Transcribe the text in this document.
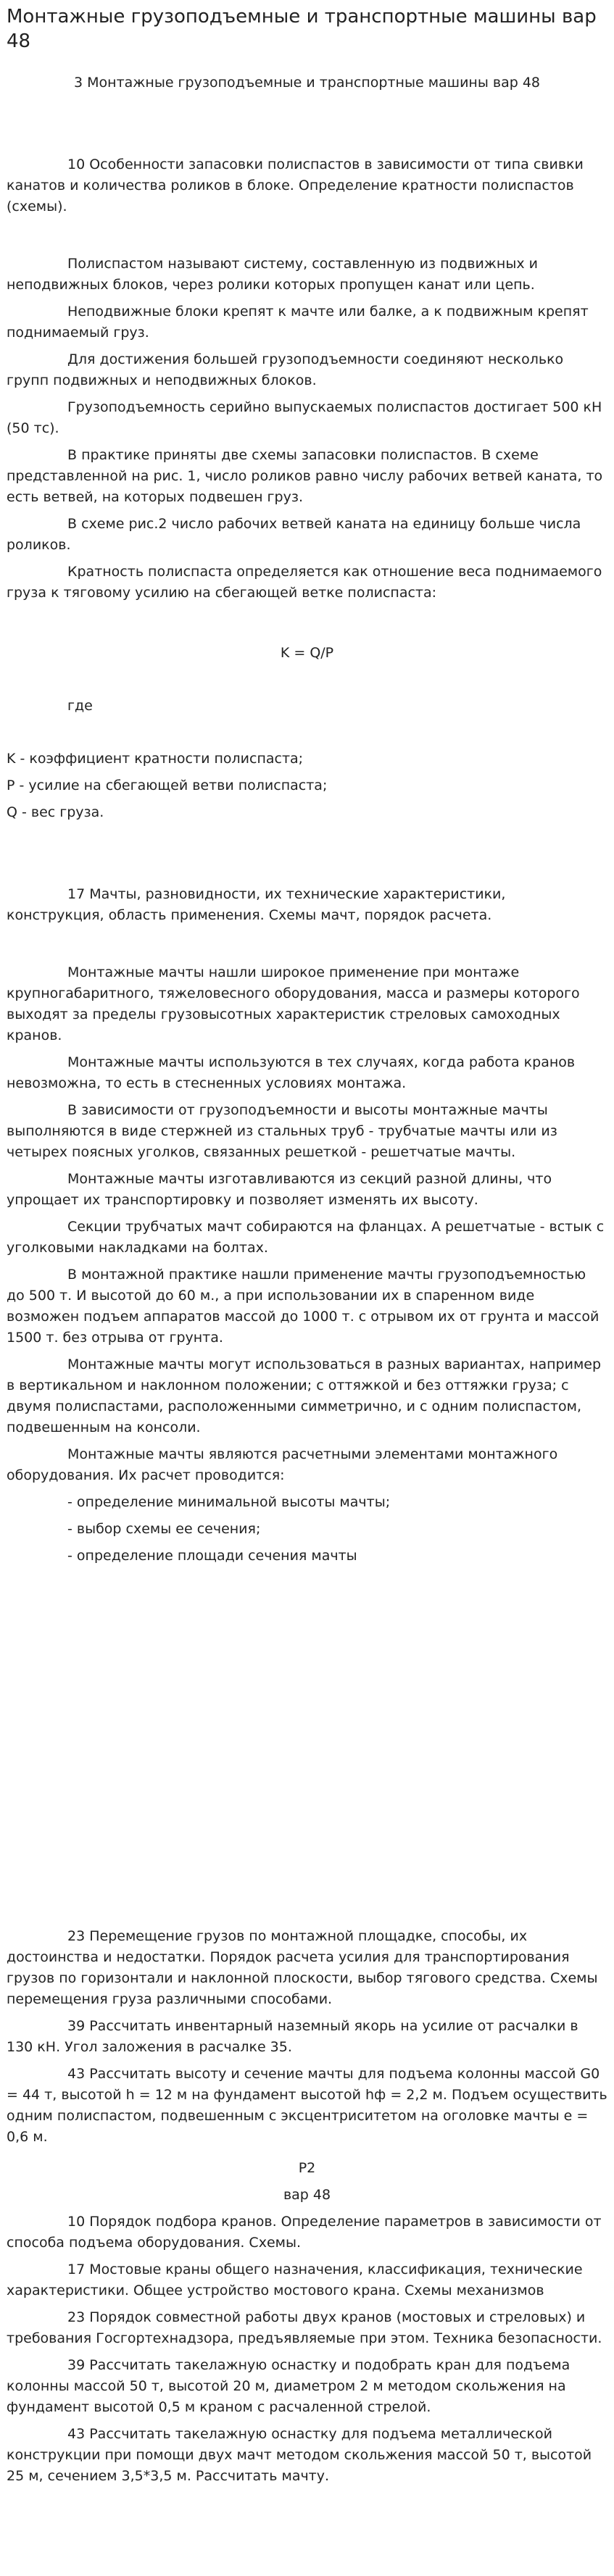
Монтажные грузоподъемные и транспортные машины вар 48

3 Монтажные грузоподъемные и транспортные машины вар 48

10 Особенности запасовки полиспастов в зависимости от типа свивки канатов и количества роликов в блоке. Определение кратности полиспастов (схемы).

Полиспастом называют систему, составленную из подвижных и неподвижных блоков, через ролики которых пропущен канат или цепь.

Неподвижные блоки крепят к мачте или балке, а к подвижным крепят поднимаемый груз.

Для достижения большей грузоподъемности соединяют несколько групп подвижных и неподвижных блоков.

Грузоподъемность серийно выпускаемых полиспастов достигает 500 кН (50 тс).

В практике приняты две схемы запасовки полиспастов. В схеме представленной на рис. 1, число роликов равно числу рабочих ветвей каната, то есть ветвей, на которых подвешен груз.

В схеме рис.2 число рабочих ветвей каната на единицу больше числа роликов.

Кратность полиспаста определяется как отношение веса поднимаемого груза к тяговому усилию на сбегающей ветке полиспаста:

K = Q/P

где

K - коэффициент кратности полиспаста;

P - усилие на сбегающей ветви полиспаста;

Q - вес груза.

17 Мачты, разновидности, их технические характеристики, конструкция, область применения. Схемы мачт, порядок расчета.

Монтажные мачты нашли широкое применение при монтаже крупногабаритного, тяжеловесного оборудования, масса и размеры которого выходят за пределы грузовысотных характеристик стреловых самоходных кранов.

Монтажные мачты используются в тех случаях, когда работа кранов невозможна, то есть в стесненных условиях монтажа.

В зависимости от грузоподъемности и высоты монтажные мачты выполняются в виде стержней из стальных труб - трубчатые мачты или из четырех поясных уголков, связанных решеткой - решетчатые мачты.

Монтажные мачты изготавливаются из секций разной длины, что упрощает их транспортировку и позволяет изменять их высоту.

Секции трубчатых мачт собираются на фланцах. А решетчатые - встык с уголковыми накладками на болтах.

В монтажной практике нашли применение мачты грузоподъемностью до 500 т. И высотой до 60 м., а при использовании их в спаренном виде возможен подъем аппаратов массой до 1000 т. с отрывом их от грунта и массой 1500 т. без отрыва от грунта.

Монтажные мачты могут использоваться в разных вариантах, например в вертикальном и наклонном положении; с оттяжкой и без оттяжки груза; с двумя полиспастами, расположенными симметрично, и с одним полиспастом, подвешенным на консоли.

Монтажные мачты являются расчетными элементами монтажного оборудования. Их расчет проводится:

- определение минимальной высоты мачты;

- выбор схемы ее сечения;

- определение площади сечения мачты

23 Перемещение грузов по монтажной площадке, способы, их достоинства и недостатки. Порядок расчета усилия для транспортирования грузов по горизонтали и наклонной плоскости, выбор тягового средства. Схемы перемещения груза различными способами.

39 Рассчитать инвентарный наземный якорь на усилие от расчалки в 130 кН. Угол заложения в расчалке 35.

43 Рассчитать высоту и сечение мачты для подъема колонны массой G0 = 44 т, высотой h = 12 м на фундамент высотой hф = 2,2 м. Подъем осуществить одним полиспастом, подвешенным с эксцентриситетом на оголовке мачты e = 0,6 м.

P2

вар 48

10 Порядок подбора кранов. Определение параметров в зависимости от способа подъема оборудования. Схемы.

17 Мостовые краны общего назначения, классификация, технические характеристики. Общее устройство мостового крана. Схемы механизмов

23 Порядок совместной работы двух кранов (мостовых и стреловых) и требования Госгортехнадзора, предъявляемые при этом. Техника безопасности.

39 Рассчитать такелажную оснастку и подобрать кран для подъема колонны массой 50 т, высотой 20 м, диаметром 2 м методом скольжения на фундамент высотой 0,5 м краном с расчаленной стрелой.

43 Рассчитать такелажную оснастку для подъема металлической конструкции при помощи двух мачт методом скольжения массой 50 т, высотой 25 м, сечением 3,5*3,5 м. Рассчитать мачту.
